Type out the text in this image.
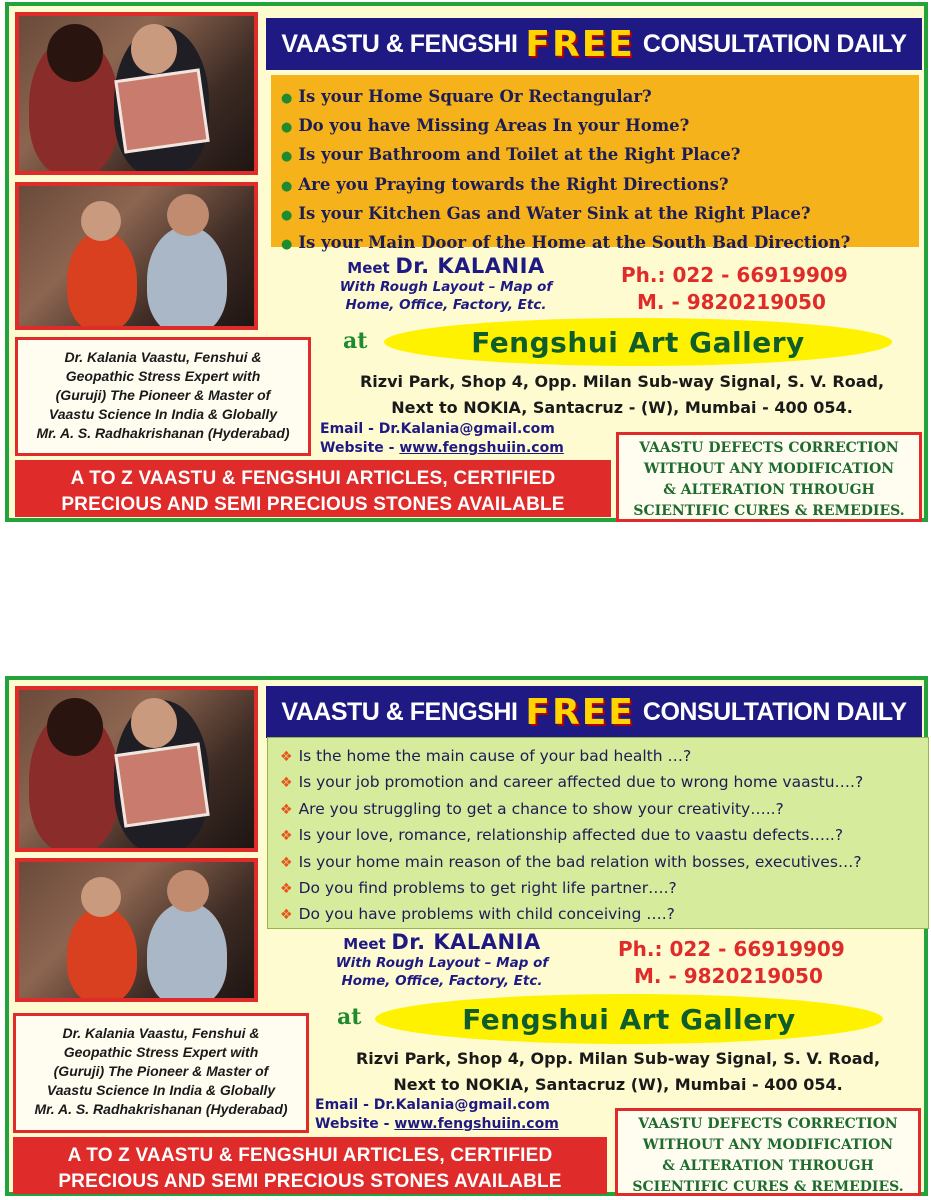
VAASTU & FENGSHI FREE CONSULTATION DAILY
● Is your Home Square Or Rectangular?
● Do you have Missing Areas In your Home?
● Is your Bathroom and Toilet at the Right Place?
● Are you Praying towards the Right Directions?
● Is your Kitchen Gas and Water Sink at the Right Place?
● Is your Main Door of the Home at the South Bad Direction?
Meet Dr. KALANIA
With Rough Layout – Map of
Home, Office, Factory, Etc.
Ph.: 022 - 66919909
M. - 9820219050
at	Fengshui Art Gallery
Rizvi Park, Shop 4, Opp. Milan Sub-way Signal, S. V. Road,
Next to NOKIA, Santacruz - (W), Mumbai - 400 054.
Email - Dr.Kalania@gmail.com
Website - www.fengshuiin.com
Dr. Kalania Vaastu, Fenshui &
Geopathic Stress Expert with
(Guruji) The Pioneer & Master of
Vaastu Science In India & Globally
Mr. A. S. Radhakrishanan (Hyderabad)
A TO Z VAASTU & FENGSHUI ARTICLES, CERTIFIED
PRECIOUS AND SEMI PRECIOUS STONES AVAILABLE
VAASTU DEFECTS CORRECTION
WITHOUT ANY MODIFICATION
& ALTERATION THROUGH
SCIENTIFIC CURES & REMEDIES.
VAASTU & FENGSHI FREE CONSULTATION DAILY
❖ Is the home the main cause of your bad health …?
❖ Is your job promotion and career affected due to wrong home vaastu….?
❖ Are you struggling to get a chance to show your creativity…..?
❖ Is your love, romance, relationship affected due to vaastu defects…..?
❖ Is your home main reason of the bad relation with bosses, executives…?
❖ Do you find problems to get right life partner….?
❖ Do you have problems with child conceiving ….?
Meet Dr. KALANIA
With Rough Layout – Map of
Home, Office, Factory, Etc.
Ph.: 022 - 66919909
M. - 9820219050
at	Fengshui Art Gallery
Rizvi Park, Shop 4, Opp. Milan Sub-way Signal, S. V. Road,
Next to NOKIA, Santacruz (W), Mumbai - 400 054.
Email - Dr.Kalania@gmail.com
Website - www.fengshuiin.com
Dr. Kalania Vaastu, Fenshui &
Geopathic Stress Expert with
(Guruji) The Pioneer & Master of
Vaastu Science In India & Globally
Mr. A. S. Radhakrishanan (Hyderabad)
A TO Z VAASTU & FENGSHUI ARTICLES, CERTIFIED
PRECIOUS AND SEMI PRECIOUS STONES AVAILABLE
VAASTU DEFECTS CORRECTION
WITHOUT ANY MODIFICATION
& ALTERATION THROUGH
SCIENTIFIC CURES & REMEDIES.
